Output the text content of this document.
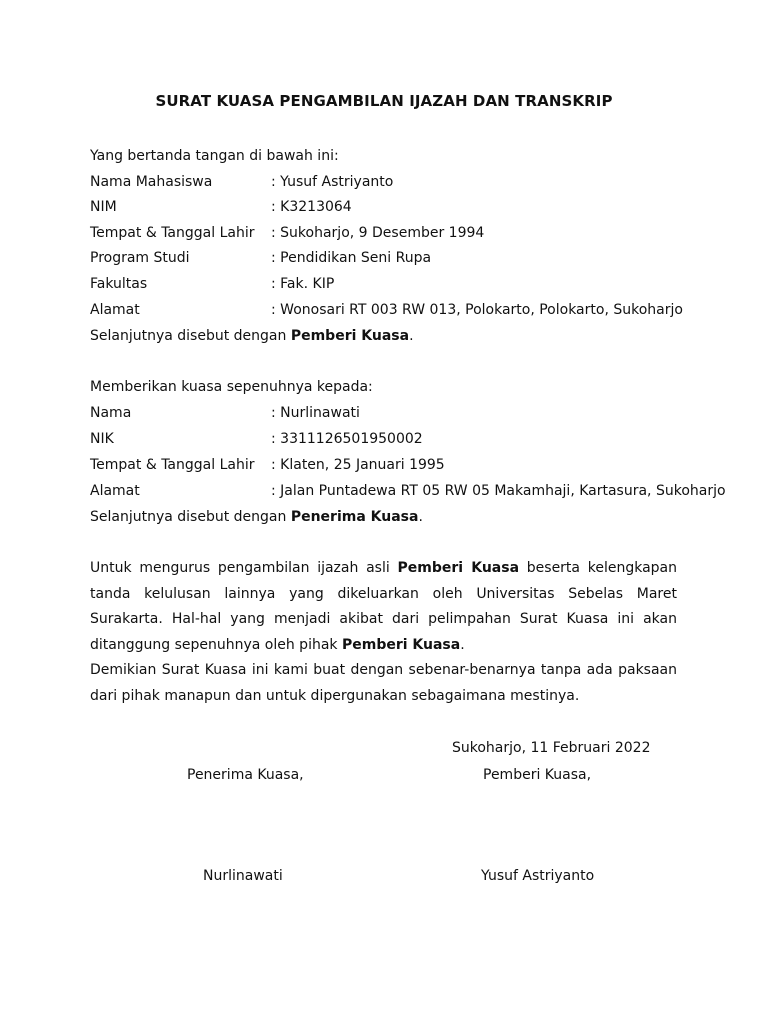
SURAT KUASA PENGAMBILAN IJAZAH DAN TRANSKRIP
Yang bertanda tangan di bawah ini:
Nama Mahasiswa	: Yusuf Astriyanto
NIM	: K3213064
Tempat & Tanggal Lahir : Sukoharjo, 9 Desember 1994
Program Studi	: Pendidikan Seni Rupa
Fakultas	: Fak. KIP
Alamat	: Wonosari RT 003 RW 013, Polokarto, Polokarto, Sukoharjo
Selanjutnya disebut dengan Pemberi Kuasa.
Memberikan kuasa sepenuhnya kepada:
Nama	: Nurlinawati
NIK	: 3311126501950002
Tempat & Tanggal Lahir : Klaten, 25 Januari 1995
Alamat	: Jalan Puntadewa RT 05 RW 05 Makamhaji, Kartasura, Sukoharjo
Selanjutnya disebut dengan Penerima Kuasa.
Untuk mengurus pengambilan ijazah asli Pemberi Kuasa beserta kelengkapan tanda kelulusan lainnya yang dikeluarkan oleh Universitas Sebelas Maret Surakarta. Hal-hal yang menjadi akibat dari pelimpahan Surat Kuasa ini akan ditanggung sepenuhnya oleh pihak Pemberi Kuasa.
Demikian Surat Kuasa ini kami buat dengan sebenar-benarnya tanpa ada paksaan dari pihak manapun dan untuk dipergunakan sebagaimana mestinya.
Sukoharjo, 11 Februari 2022
Penerima Kuasa,	Pemberi Kuasa,
Nurlinawati	Yusuf Astriyanto
